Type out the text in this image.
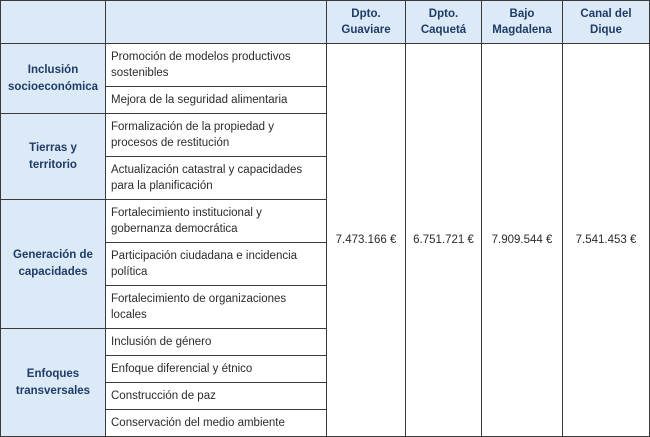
		Dpto. Guaviare	Dpto. Caquetá	Bajo Magdalena	Canal del Dique
Inclusión socioeconómica	Promoción de modelos productivos sostenibles	7.473.166 €	6.751.721 €	7.909.544 €	7.541.453 €
	Mejora de la seguridad alimentaria				
Tierras y territorio	Formalización de la propiedad y procesos de restitución				
	Actualización catastral y capacidades para la planificación				
Generación de capacidades	Fortalecimiento institucional y gobernanza democrática				
	Participación ciudadana e incidencia política				
	Fortalecimiento de organizaciones locales				
Enfoques transversales	Inclusión de género				
	Enfoque diferencial y étnico				
	Construcción de paz				
	Conservación del medio ambiente				
